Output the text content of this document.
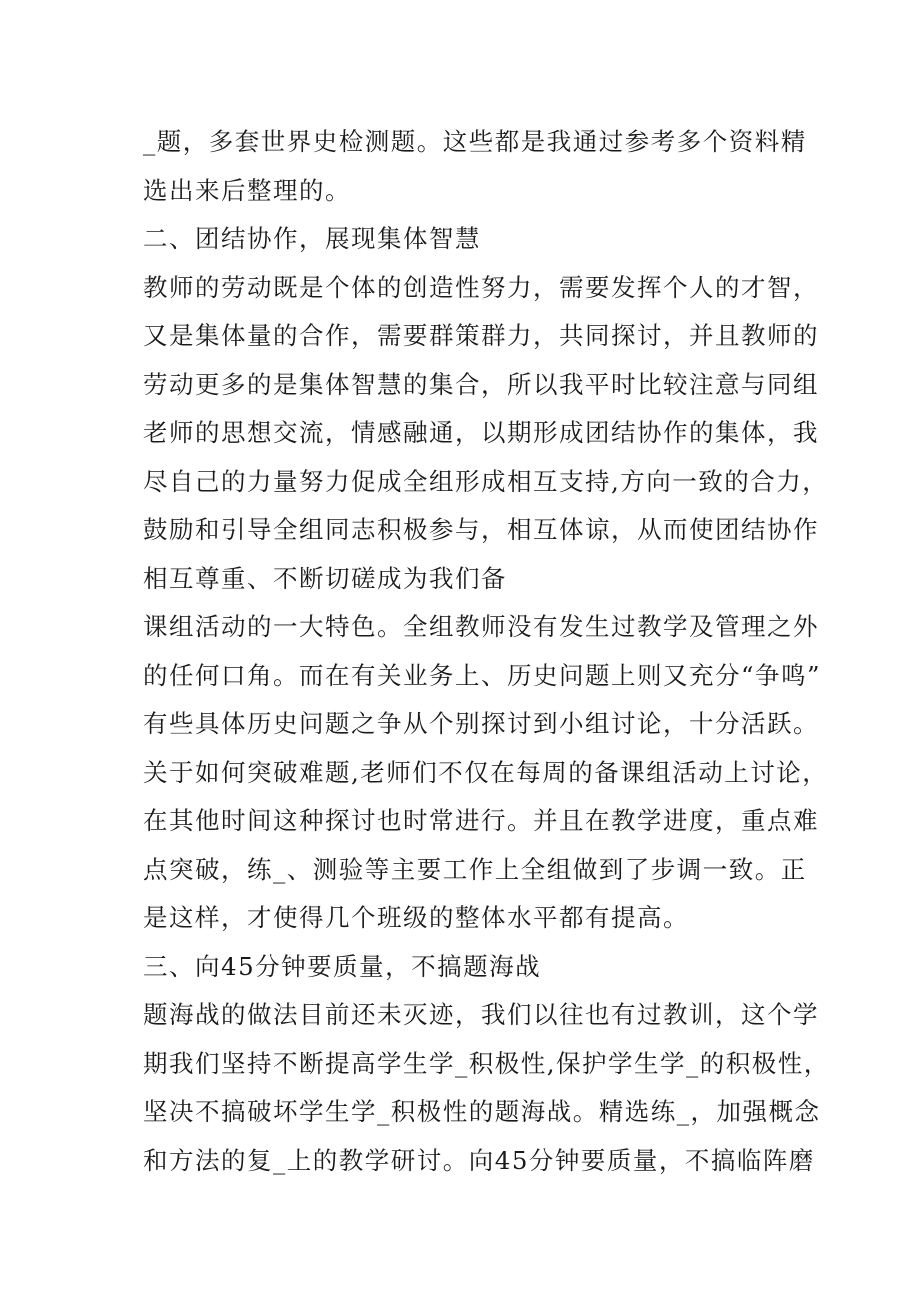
_题，多套世界史检测题。这些都是我通过参考多个资料精
选出来后整理的。
二、团结协作，展现集体智慧
教师的劳动既是个体的创造性努力，需要发挥个人的才智，
又是集体量的合作，需要群策群力，共同探讨，并且教师的
劳动更多的是集体智慧的集合，所以我平时比较注意与同组
老师的思想交流，情感融通，以期形成团结协作的集体，我
尽自己的力量努力促成全组形成相互支持,方向一致的合力，
鼓励和引导全组同志积极参与，相互体谅，从而使团结协作
相互尊重、不断切磋成为我们备
课组活动的一大特色。全组教师没有发生过教学及管理之外
的任何口角。而在有关业务上、历史问题上则又充分“争鸣”
有些具体历史问题之争从个别探讨到小组讨论，十分活跃。
关于如何突破难题,老师们不仅在每周的备课组活动上讨论，
在其他时间这种探讨也时常进行。并且在教学进度，重点难
点突破，练_、测验等主要工作上全组做到了步调一致。正
是这样，才使得几个班级的整体水平都有提高。
三、向45分钟要质量，不搞题海战
题海战的做法目前还未灭迹，我们以往也有过教训，这个学
期我们坚持不断提高学生学_积极性,保护学生学_的积极性，
坚决不搞破坏学生学_积极性的题海战。精选练_，加强概念
和方法的复_上的教学研讨。向45分钟要质量，不搞临阵磨
